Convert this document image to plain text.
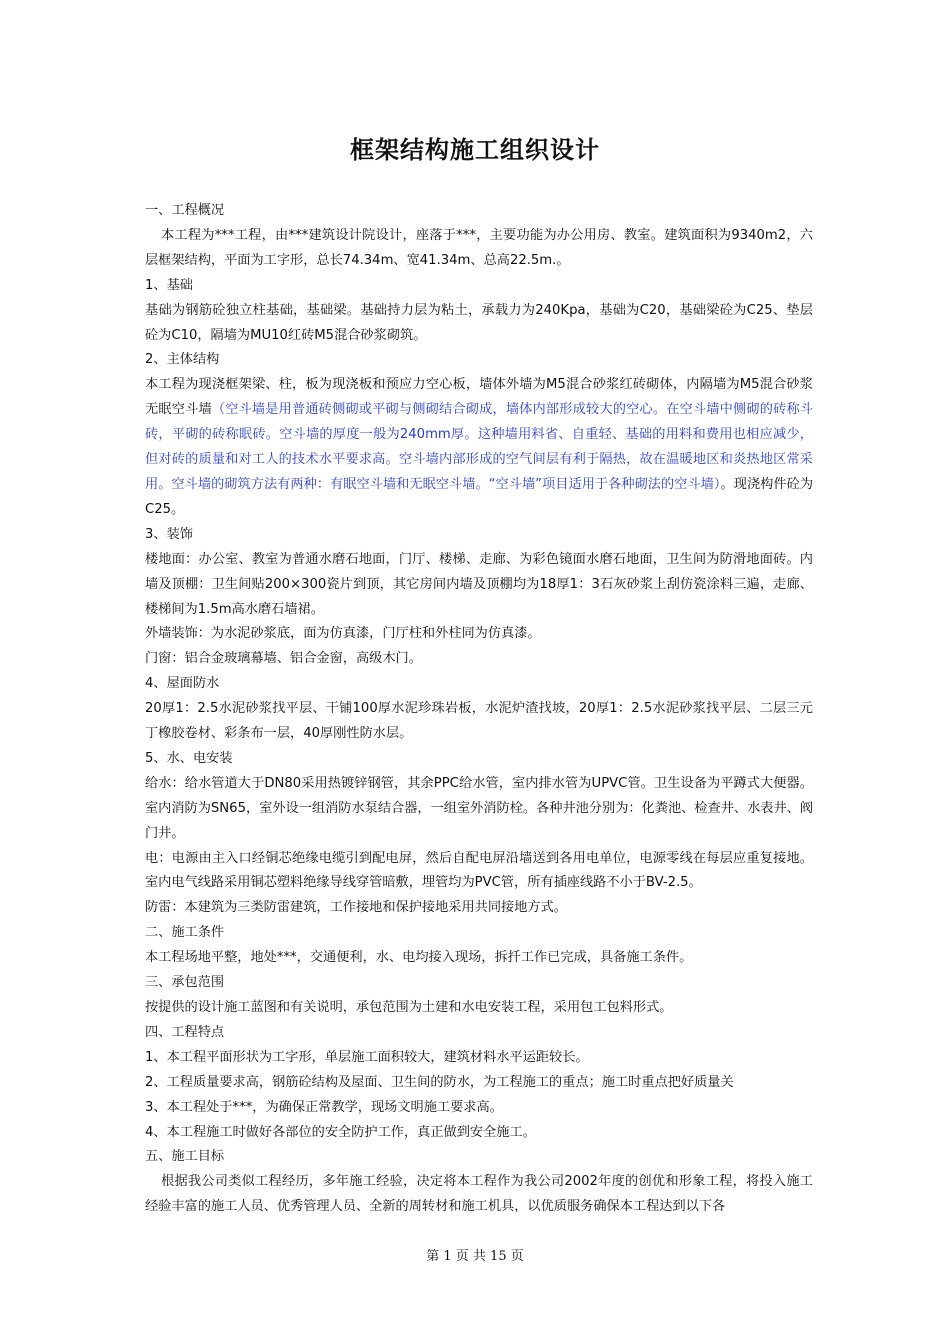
框架结构施工组织设计

一、工程概况

本工程为***工程，由***建筑设计院设计，座落于***，主要功能为办公用房、教室。建筑面积为9340m2，六层框架结构，平面为工字形，总长74.34m、宽41.34m、总高22.5m.。

1、基础

基础为钢筋砼独立柱基础，基础梁。基础持力层为粘土，承载力为240Kpa，基础为C20，基础梁砼为C25、垫层砼为C10，隔墙为MU10红砖M5混合砂浆砌筑。

2、主体结构

本工程为现浇框架梁、柱，板为现浇板和预应力空心板，墙体外墙为M5混合砂浆红砖砌体，内隔墙为M5混合砂浆无眠空斗墙（空斗墙是用普通砖侧砌或平砌与侧砌结合砌成，墙体内部形成较大的空心。在空斗墙中侧砌的砖称斗砖，平砌的砖称眠砖。空斗墙的厚度一般为240mm厚。这种墙用料省、自重轻、基础的用料和费用也相应减少，但对砖的质量和对工人的技术水平要求高。空斗墙内部形成的空气间层有利于隔热，故在温暖地区和炎热地区常采用。空斗墙的砌筑方法有两种：有眠空斗墙和无眠空斗墙。“空斗墙”项目适用于各种砌法的空斗墙）。现浇构件砼为C25。

3、装饰

楼地面：办公室、教室为普通水磨石地面，门厅、楼梯、走廊、为彩色镜面水磨石地面，卫生间为防滑地面砖。内墙及顶棚：卫生间贴200×300瓷片到顶，其它房间内墙及顶棚均为18厚1：3石灰砂浆上刮仿瓷涂料三遍，走廊、楼梯间为1.5m高水磨石墙裙。

外墙装饰：为水泥砂浆底，面为仿真漆，门厅柱和外柱同为仿真漆。

门窗：铝合金玻璃幕墙、铝合金窗，高级木门。

4、屋面防水

20厚1：2.5水泥砂浆找平层、干铺100厚水泥珍珠岩板，水泥炉渣找坡，20厚1：2.5水泥砂浆找平层、二层三元丁橡胶卷材、彩条布一层，40厚刚性防水层。

5、水、电安装

给水：给水管道大于DN80采用热镀锌钢管，其余PPC给水管，室内排水管为UPVC管。卫生设备为平蹲式大便器。室内消防为SN65，室外设一组消防水泵结合器，一组室外消防栓。各种井池分别为：化粪池、检查井、水表井、阀门井。

电：电源由主入口经铜芯绝缘电缆引到配电屏，然后自配电屏沿墙送到各用电单位，电源零线在每层应重复接地。室内电气线路采用铜芯塑料绝缘导线穿管暗敷，埋管均为PVC管，所有插座线路不小于BV-2.5。

防雷：本建筑为三类防雷建筑，工作接地和保护接地采用共同接地方式。

二、施工条件

本工程场地平整，地处***，交通便利，水、电均接入现场，拆扦工作已完成，具备施工条件。

三、承包范围

按提供的设计施工蓝图和有关说明，承包范围为土建和水电安装工程，采用包工包料形式。

四、工程特点

1、本工程平面形状为工字形，单层施工面积较大，建筑材料水平运距较长。

2、工程质量要求高，钢筋砼结构及屋面、卫生间的防水，为工程施工的重点；施工时重点把好质量关

3、本工程处于***，为确保正常教学，现场文明施工要求高。

4、本工程施工时做好各部位的安全防护工作，真正做到安全施工。

五、施工目标

根据我公司类似工程经历，多年施工经验，决定将本工程作为我公司2002年度的创优和形象工程，将投入施工经验丰富的施工人员、优秀管理人员、全新的周转材和施工机具，以优质服务确保本工程达到以下各

第 1 页 共 15 页
